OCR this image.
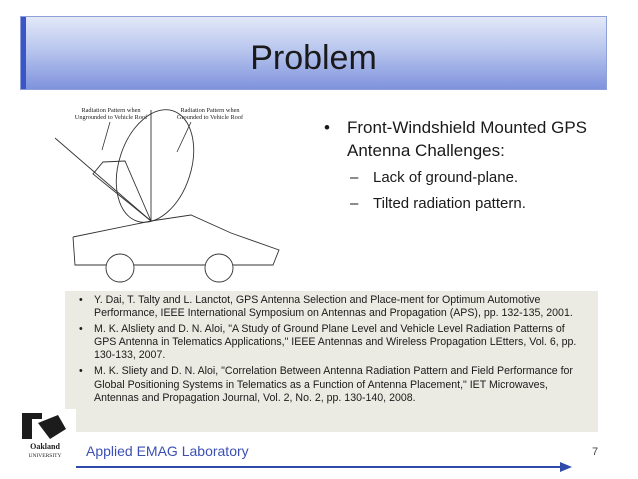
Problem
Radiation Pattern when
Ungrounded to Vehicle Roof
Radiation Pattern when
Grounded to Vehicle Roof
• Front-Windshield Mounted GPS Antenna Challenges:
– Lack of ground-plane.
– Tilted radiation pattern.
• Y. Dai, T. Talty and L. Lanctot, GPS Antenna Selection and Place-ment for Optimum Automotive Performance, IEEE International Symposium on Antennas and Propagation (APS), pp. 132-135, 2001.
• M. K. Alsliety and D. N. Aloi, "A Study of Ground Plane Level and Vehicle Level Radiation Patterns of GPS Antenna in Telematics Applications," IEEE Antennas and Wireless Propagation LEtters, Vol. 6, pp. 130-133, 2007.
• M. K. Sliety and D. N. Aloi, "Correlation Between Antenna Radiation Pattern and Field Performance for Global Positioning Systems in Telematics as a Function of Antenna Placement," IET Microwaves, Antennas and Propagation Journal, Vol. 2, No. 2, pp. 130-140, 2008.
Oakland
UNIVERSITY Applied EMAG Laboratory	7
